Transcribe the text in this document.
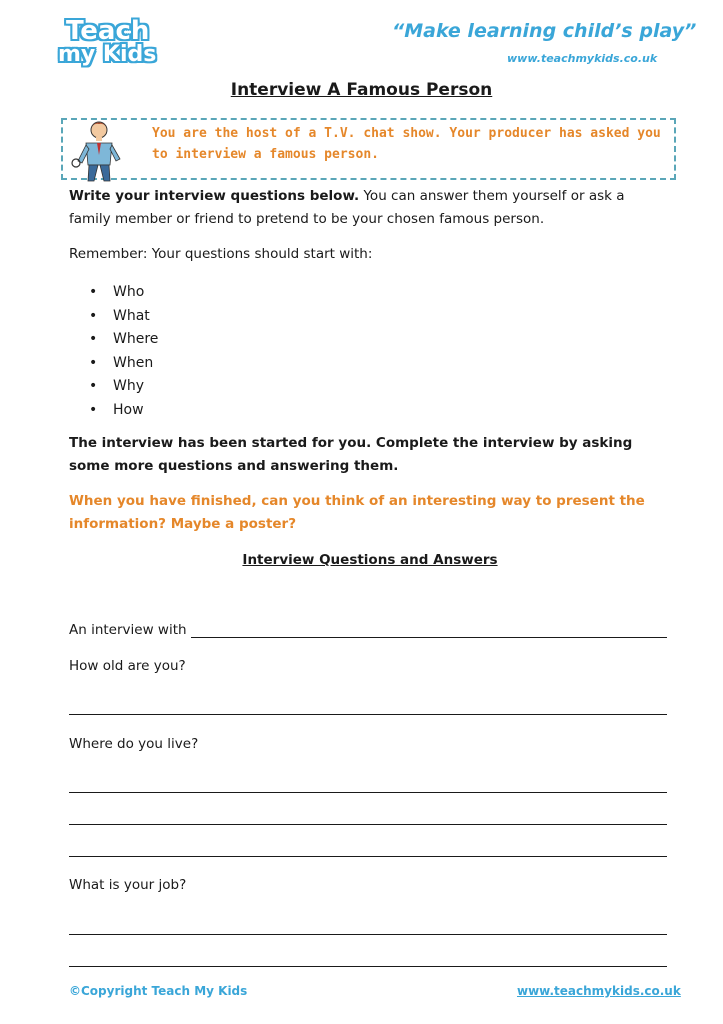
Teach
my Kids
“Make learning child’s play”
www.teachmykids.co.uk
Interview A Famous Person
You are the host of a T.V. chat show. Your producer has asked you to interview a famous person.
Write your interview questions below. You can answer them yourself or ask a family member or friend to pretend to be your chosen famous person.
Remember: Your questions should start with:
• Who
• What
• Where
• When
• Why
• How
The interview has been started for you. Complete the interview by asking some more questions and answering them.
When you have finished, can you think of an interesting way to present the information? Maybe a poster?
Interview Questions and Answers
An interview with
How old are you?
Where do you live?
What is your job?
©Copyright Teach My Kids	www.teachmykids.co.uk
